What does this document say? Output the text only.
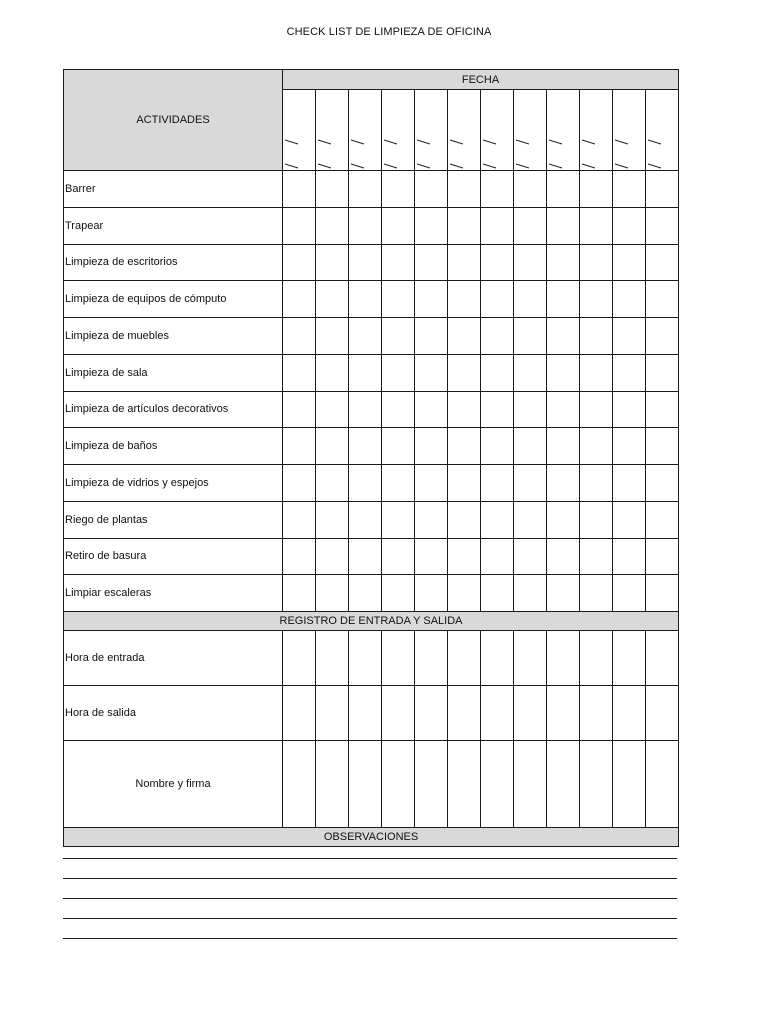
CHECK LIST DE LIMPIEZA DE OFICINA
ACTIVIDADES	FECHA											

Barrer												
Trapear												
Limpieza de escritorios												
Limpieza de equipos de cómputo												
Limpieza de muebles												
Limpieza de sala												
Limpieza de artículos decorativos												
Limpieza de baños												
Limpieza de vidrios y espejos												
Riego de plantas												
Retiro de basura												
Limpiar escaleras												
REGISTRO DE ENTRADA Y SALIDA												
Hora de entrada												
Hora de salida												
Nombre y firma												
OBSERVACIONES												
